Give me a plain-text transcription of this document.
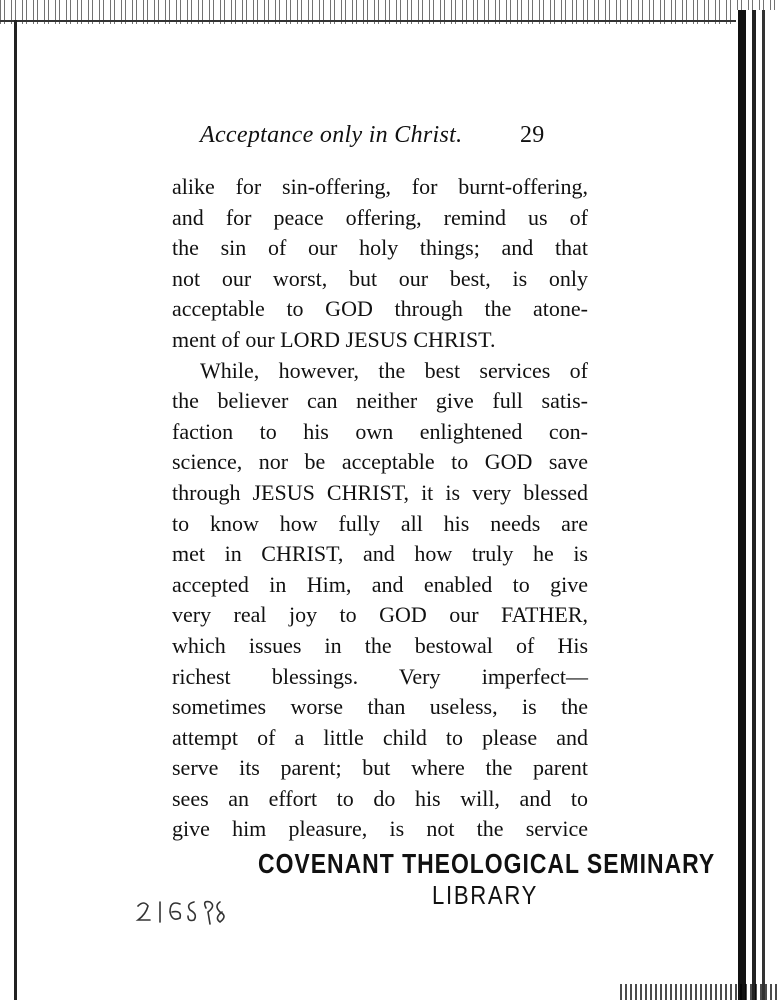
Acceptance only in Christ. 29
alike for sin-offering, for burnt-offering,
and for peace offering, remind us of
the sin of our holy things; and that
not our worst, but our best, is only
acceptable to GOD through the atone-
ment of our LORD JESUS CHRIST.
While, however, the best services of
the believer can neither give full satis-
faction to his own enlightened con-
science, nor be acceptable to GOD save
through JESUS CHRIST, it is very blessed
to know how fully all his needs are
met in CHRIST, and how truly he is
accepted in Him, and enabled to give
very real joy to GOD our FATHER,
which issues in the bestowal of His
richest blessings. Very imperfect—
sometimes worse than useless, is the
attempt of a little child to please and
serve its parent; but where the parent
sees an effort to do his will, and to
give him pleasure, is not the service
COVENANT THEOLOGICAL SEMINARY
LIBRARY
